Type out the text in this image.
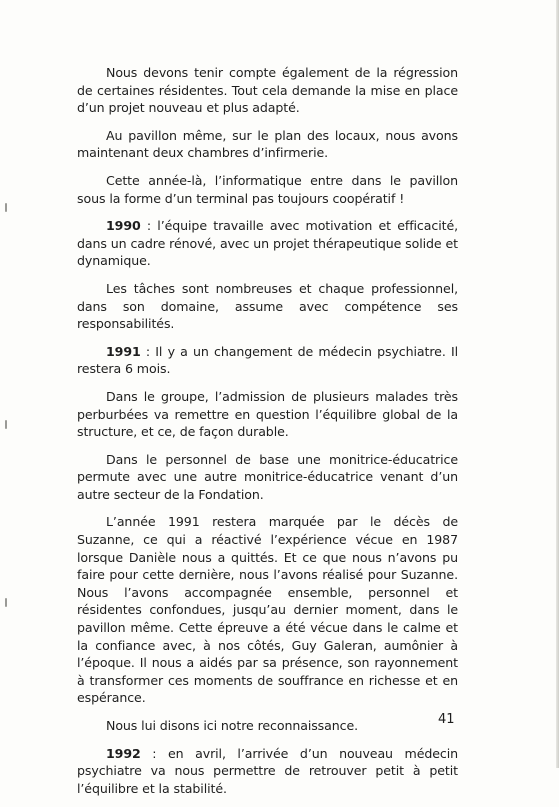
Nous devons tenir compte également de la régression de certaines résidentes. Tout cela demande la mise en place d’un projet nouveau et plus adapté.

Au pavillon même, sur le plan des locaux, nous avons maintenant deux chambres d’infirmerie.

Cette année-là, l’informatique entre dans le pavillon sous la forme d’un terminal pas toujours coopératif !

1990 : l’équipe travaille avec motivation et efficacité, dans un cadre rénové, avec un projet thérapeutique solide et dynamique.

Les tâches sont nombreuses et chaque professionnel, dans son domaine, assume avec compétence ses responsabilités.

1991 : Il y a un changement de médecin psychiatre. Il restera 6 mois.

Dans le groupe, l’admission de plusieurs malades très perburbées va remettre en question l’équilibre global de la structure, et ce, de façon durable.

Dans le personnel de base une monitrice-éducatrice permute avec une autre monitrice-éducatrice venant d’un autre secteur de la Fondation.

L’année 1991 restera marquée par le décès de Suzanne, ce qui a réactivé l’expérience vécue en 1987 lorsque Danièle nous a quittés. Et ce que nous n’avons pu faire pour cette dernière, nous l’avons réalisé pour Suzanne. Nous l’avons accompagnée ensemble, personnel et résidentes confondues, jusqu’au dernier moment, dans le pavillon même. Cette épreuve a été vécue dans le calme et la confiance avec, à nos côtés, Guy Galeran, aumônier à l’époque. Il nous a aidés par sa présence, son rayonnement à transformer ces moments de souffrance en richesse et en espérance.

Nous lui disons ici notre reconnaissance.

1992 : en avril, l’arrivée d’un nouveau médecin psychiatre va nous permettre de retrouver petit à petit l’équilibre et la stabilité.

41
